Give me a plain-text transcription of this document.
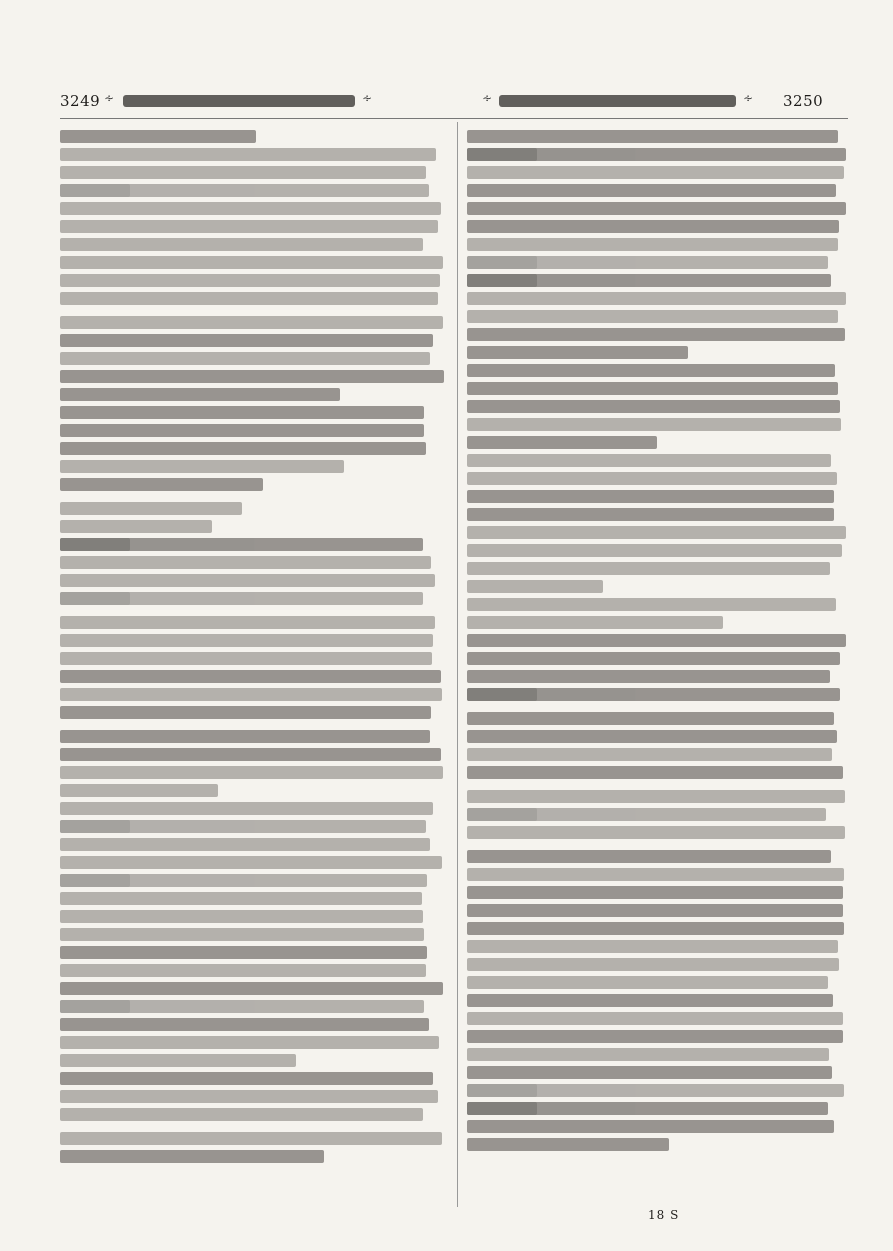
3249 ∻	∻	∻	∻ 3250
18 S
